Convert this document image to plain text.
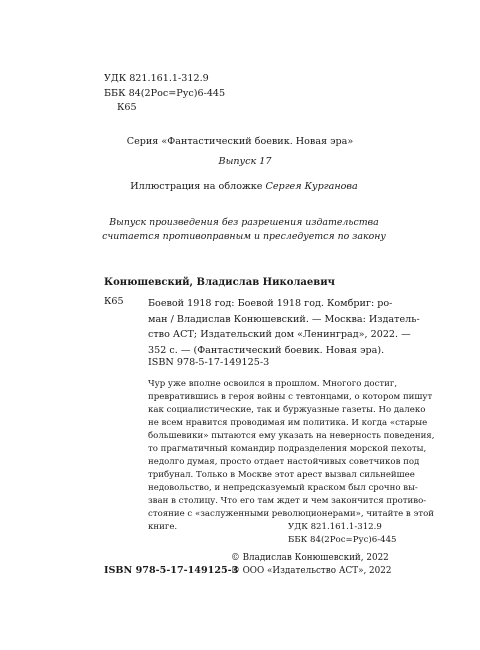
УДК 821.161.1-312.9
ББК 84(2Рос=Рус)6-445
К65
Серия «Фантастический боевик. Новая эра»
Выпуск 17
Иллюстрация на обложке Сергея Курганова
Выпуск произведения без разрешения издательства
считается противоправным и преследуется по закону
Конюшевский, Владислав Николаевич
К65	Боевой 1918 год: Боевой 1918 год. Комбриг: ро-
ман / Владислав Конюшевский. — Москва: Издатель-
ство АСТ; Издательский дом «Ленинград», 2022. —
352 с. — (Фантастический боевик. Новая эра).
ISBN 978-5-17-149125-3
Чур уже вполне освоился в прошлом. Многого достиг,
превратившись в героя войны с тевтонцами, о котором пишут
как социалистические, так и буржуазные газеты. Но далеко
не всем нравится проводимая им политика. И когда «старые
большевики» пытаются ему указать на неверность поведения,
то прагматичный командир подразделения морской пехоты,
недолго думая, просто отдает настойчивых советчиков под
трибунал. Только в Москве этот арест вызвал сильнейшее
недовольство, и непредсказуемый краском был срочно вы-
зван в столицу. Что его там ждет и чем закончится противо-
стояние с «заслуженными революционерами», читайте в этой
книге.	УДК 821.161.1-312.9
ББК 84(2Рос=Рус)6-445
ISBN 978-5-17-149125-3
© Владислав Конюшевский, 2022
© ООО «Издательство АСТ», 2022
